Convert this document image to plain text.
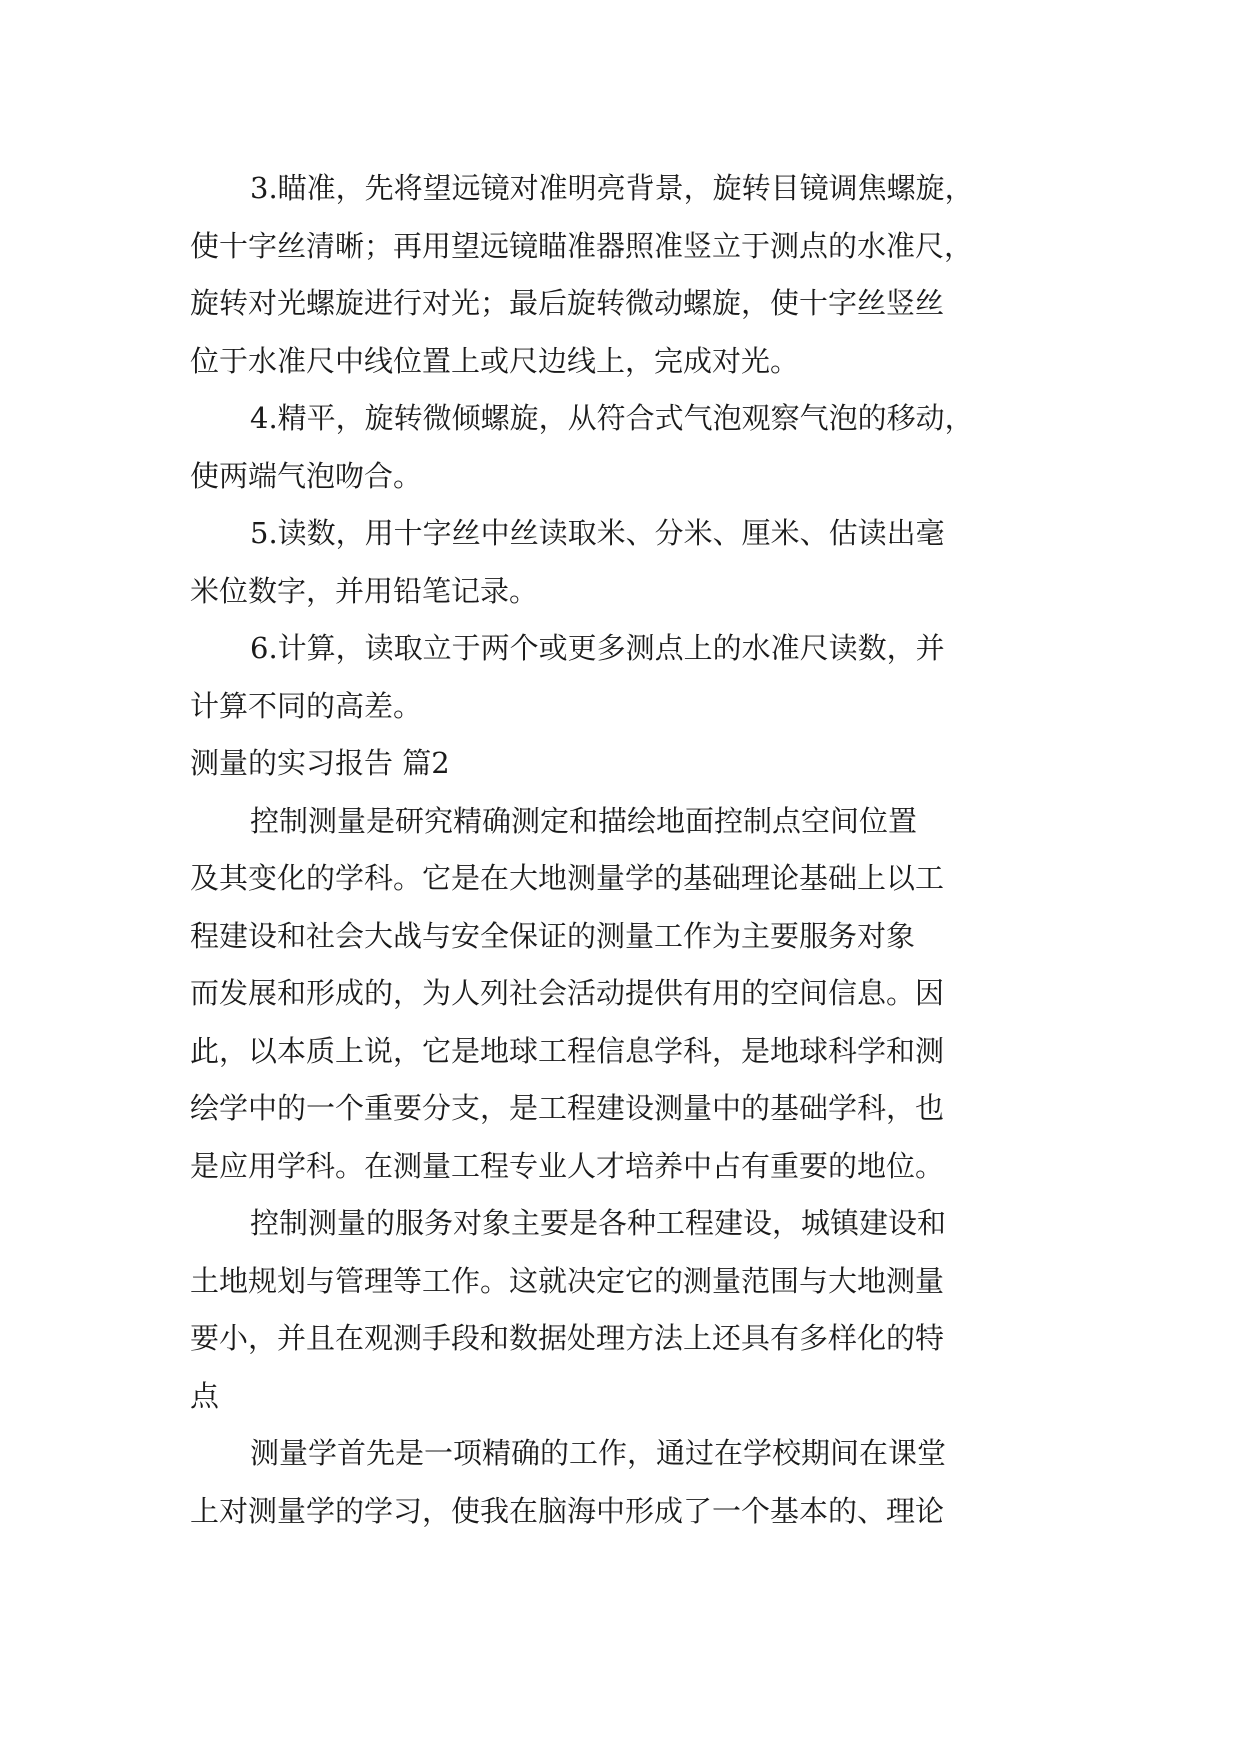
3.瞄准，先将望远镜对准明亮背景，旋转目镜调焦螺旋，
使十字丝清晰；再用望远镜瞄准器照准竖立于测点的水准尺，
旋转对光螺旋进行对光；最后旋转微动螺旋，使十字丝竖丝
位于水准尺中线位置上或尺边线上，完成对光。
4.精平，旋转微倾螺旋，从符合式气泡观察气泡的移动，
使两端气泡吻合。
5.读数，用十字丝中丝读取米、分米、厘米、估读出毫
米位数字，并用铅笔记录。
6.计算，读取立于两个或更多测点上的水准尺读数，并
计算不同的高差。
测量的实习报告 篇2
控制测量是研究精确测定和描绘地面控制点空间位置
及其变化的学科。它是在大地测量学的基础理论基础上以工
程建设和社会大战与安全保证的测量工作为主要服务对象
而发展和形成的，为人列社会活动提供有用的空间信息。因
此，以本质上说，它是地球工程信息学科，是地球科学和测
绘学中的一个重要分支，是工程建设测量中的基础学科，也
是应用学科。在测量工程专业人才培养中占有重要的地位。
控制测量的服务对象主要是各种工程建设，城镇建设和
土地规划与管理等工作。这就决定它的测量范围与大地测量
要小，并且在观测手段和数据处理方法上还具有多样化的特
点
测量学首先是一项精确的工作，通过在学校期间在课堂
上对测量学的学习，使我在脑海中形成了一个基本的、理论
